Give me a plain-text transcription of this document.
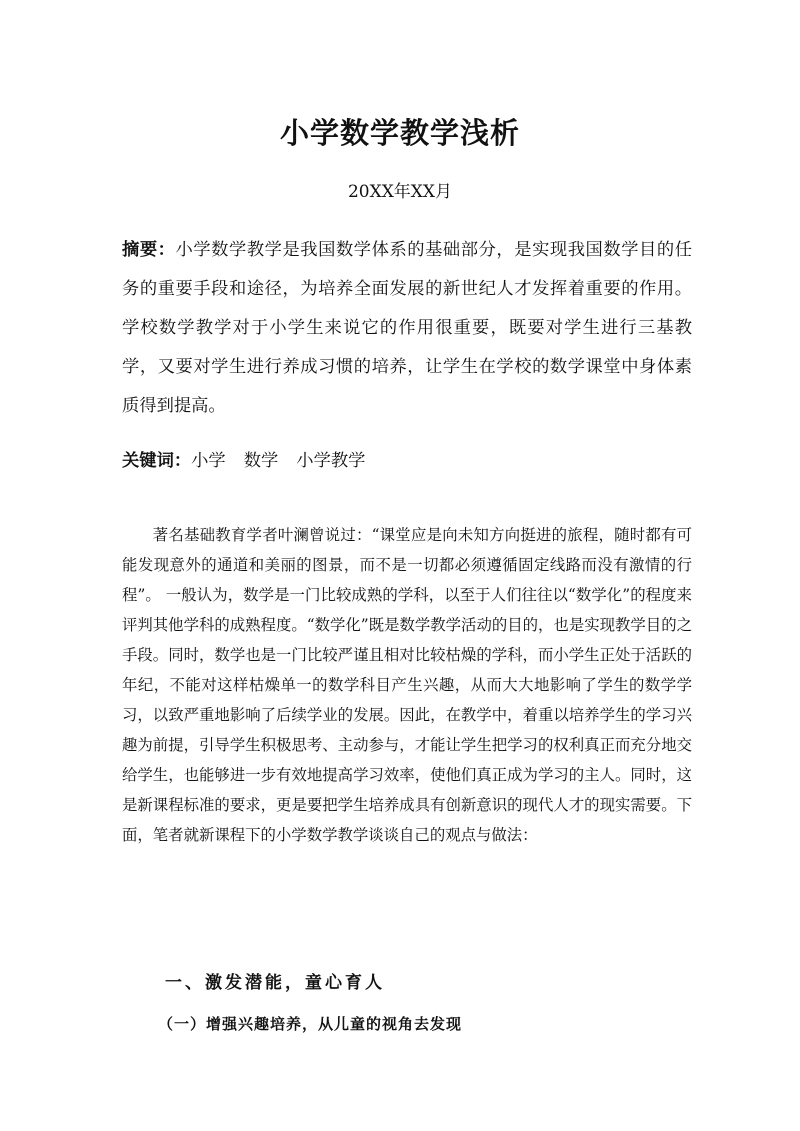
小学数学教学浅析
20XX年XX月
摘要：小学数学教学是我国数学体系的基础部分，是实现我国数学目的任务的重要手段和途径，为培养全面发展的新世纪人才发挥着重要的作用。学校数学教学对于小学生来说它的作用很重要，既要对学生进行三基教学，又要对学生进行养成习惯的培养，让学生在学校的数学课堂中身体素质得到提高。
关键词：小学 数学 小学教学
著名基础教育学者叶澜曾说过：“课堂应是向未知方向挺进的旅程，随时都有可能发现意外的通道和美丽的图景，而不是一切都必须遵循固定线路而没有激情的行程”。 一般认为，数学是一门比较成熟的学科，以至于人们往往以“数学化”的程度来评判其他学科的成熟程度。“数学化”既是数学教学活动的目的，也是实现教学目的之手段。同时，数学也是一门比较严谨且相对比较枯燥的学科，而小学生正处于活跃的年纪，不能对这样枯燥单一的数学科目产生兴趣，从而大大地影响了学生的数学学习，以致严重地影响了后续学业的发展。因此，在教学中，着重以培养学生的学习兴趣为前提，引导学生积极思考、主动参与，才能让学生把学习的权利真正而充分地交给学生，也能够进一步有效地提高学习效率，使他们真正成为学习的主人。同时，这是新课程标准的要求，更是要把学生培养成具有创新意识的现代人才的现实需要。下面，笔者就新课程下的小学数学教学谈谈自己的观点与做法：
一、激发潜能，童心育人
（一）增强兴趣培养，从儿童的视角去发现
